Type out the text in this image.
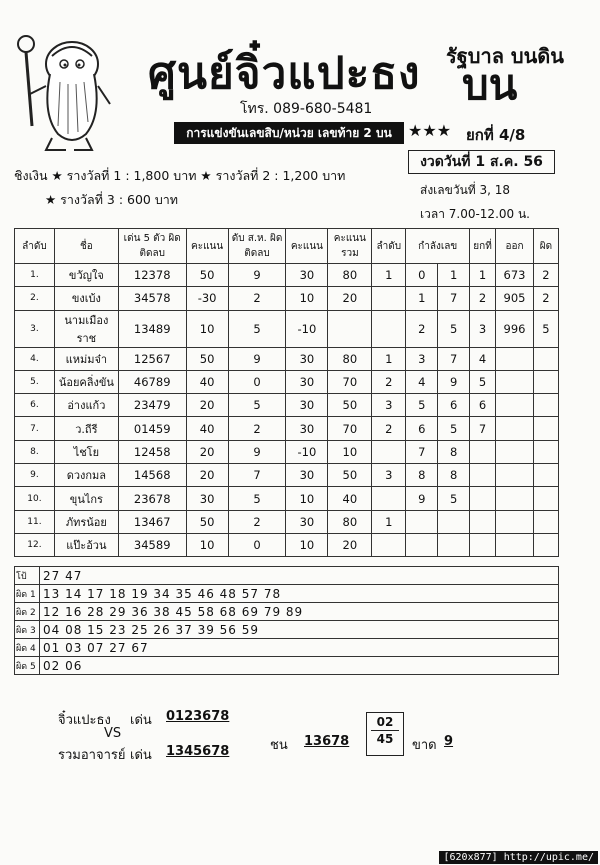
ศูนย์จิ๋วแปะธง
โทร. 089-680-5481
รัฐบาล บนดิน
บน
การแข่งขันเลขสิบ/หน่วย เลขท้าย 2 บน	★★★ ยกที่ 4/8
งวดวันที่ 1 ส.ค. 56
ชิงเงิน ★ รางวัลที่ 1 : 1,800 บาท ★ รางวัลที่ 2 : 1,200 บาท
★ รางวัลที่ 3 : 600 บาท
ส่งเลขวันที่ 3, 18
เวลา 7.00-12.00 น.
ลำดับ	ชื่อ	เด่น 5 ตัว ผิดติดลบ	คะแนน	ดับ ส.ห. ผิดติดลบ	คะแนน	คะแนน รวม	ลำดับ	กำลังเลข		ยกที่	ออก	ผิด
1.	ขวัญใจ	12378	50	9	30	80	1	0	1	1	673	2
2.	ขงเบ้ง	34578	-30	2	10	20		1	7	2	905	2
3.	นามเมืองราช	13489	10	5	-10			2	5	3	996	5
4.	แหม่มจ๋า	12567	50	9	30	80	1	3	7	4		
5.	น้อยคลิ่งขัน	46789	40	0	30	70	2	4	9	5		
6.	อ่างแก้ว	23479	20	5	30	50	3	5	6	6		
7.	ว.ถีรี	01459	40	2	30	70	2	6	5	7		
8.	ไชโย	12458	20	9	-10	10		7	8			
9.	ดวงกมล	14568	20	7	30	50	3	8	8			
10.	ขุนไกร	23678	30	5	10	40		9	5			
11.	ภัทรน้อย	13467	50	2	30	80	1					
12.	แป๊ะอ้วน	34589	10	0	10	20						
โป้	27 47
ผิด 1	13 14 17 18 19 34 35 46 48 57 78
ผิด 2	12 16 28 29 36 38 45 58 68 69 79 89
ผิด 3	04 08 15 23 25 26 37 39 56 59
ผิด 4	01 03 07 27 67
ผิด 5	02 06
จิ๋วแปะธง เด่น 0123678
VS
รวมอาจารย์ เด่น 1345678	ชน 13678
02
45	ขาด 9
[620x877] http://upic.me/
